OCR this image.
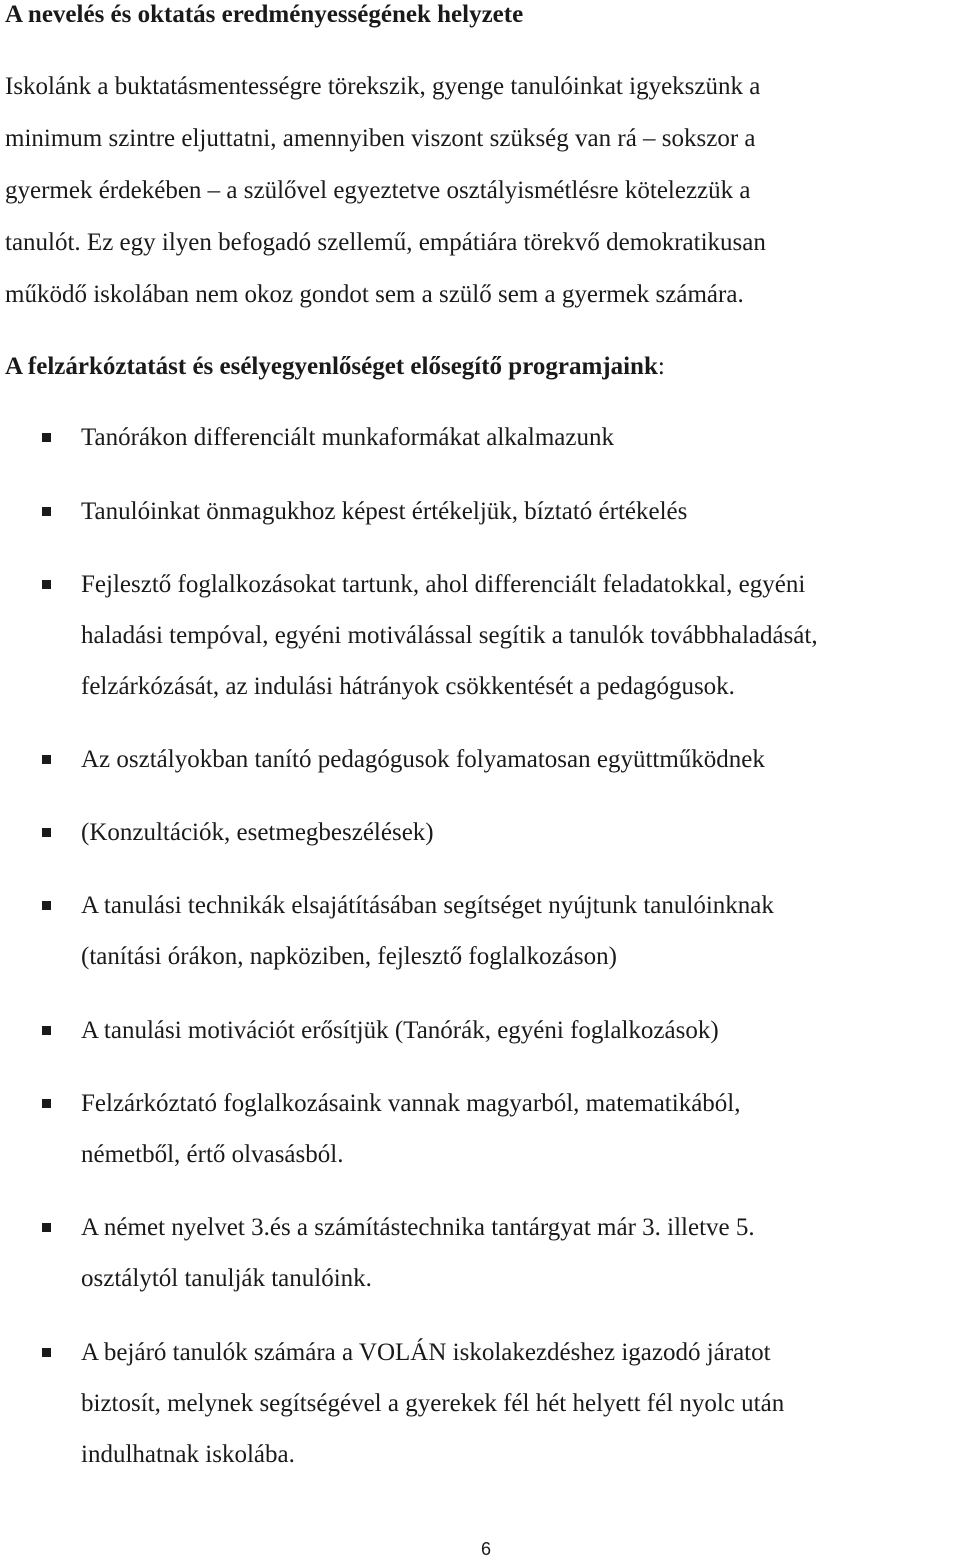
A nevelés és oktatás eredményességének helyzete
Iskolánk a buktatásmentességre törekszik, gyenge tanulóinkat igyekszünk a
minimum szintre eljuttatni, amennyiben viszont szükség van rá – sokszor a
gyermek érdekében – a szülővel egyeztetve osztályismétlésre kötelezzük a
tanulót. Ez egy ilyen befogadó szellemű, empátiára törekvő demokratikusan
működő iskolában nem okoz gondot sem a szülő sem a gyermek számára.
A felzárkóztatást és esélyegyenlőséget elősegítő programjaink:
Tanórákon differenciált munkaformákat alkalmazunk
Tanulóinkat önmagukhoz képest értékeljük, bíztató értékelés
Fejlesztő foglalkozásokat tartunk, ahol differenciált feladatokkal, egyéni
haladási tempóval, egyéni motiválással segítik a tanulók továbbhaladását,
felzárkózását, az indulási hátrányok csökkentését a pedagógusok.
Az osztályokban tanító pedagógusok folyamatosan együttműködnek
(Konzultációk, esetmegbeszélések)
A tanulási technikák elsajátításában segítséget nyújtunk tanulóinknak
(tanítási órákon, napköziben, fejlesztő foglalkozáson)
A tanulási motivációt erősítjük (Tanórák, egyéni foglalkozások)
Felzárkóztató foglalkozásaink vannak magyarból, matematikából,
németből, értő olvasásból.
A német nyelvet 3.és a számítástechnika tantárgyat már 3. illetve 5.
osztálytól tanulják tanulóink.
A bejáró tanulók számára a VOLÁN iskolakezdéshez igazodó járatot
biztosít, melynek segítségével a gyerekek fél hét helyett fél nyolc után
indulhatnak iskolába.
6
